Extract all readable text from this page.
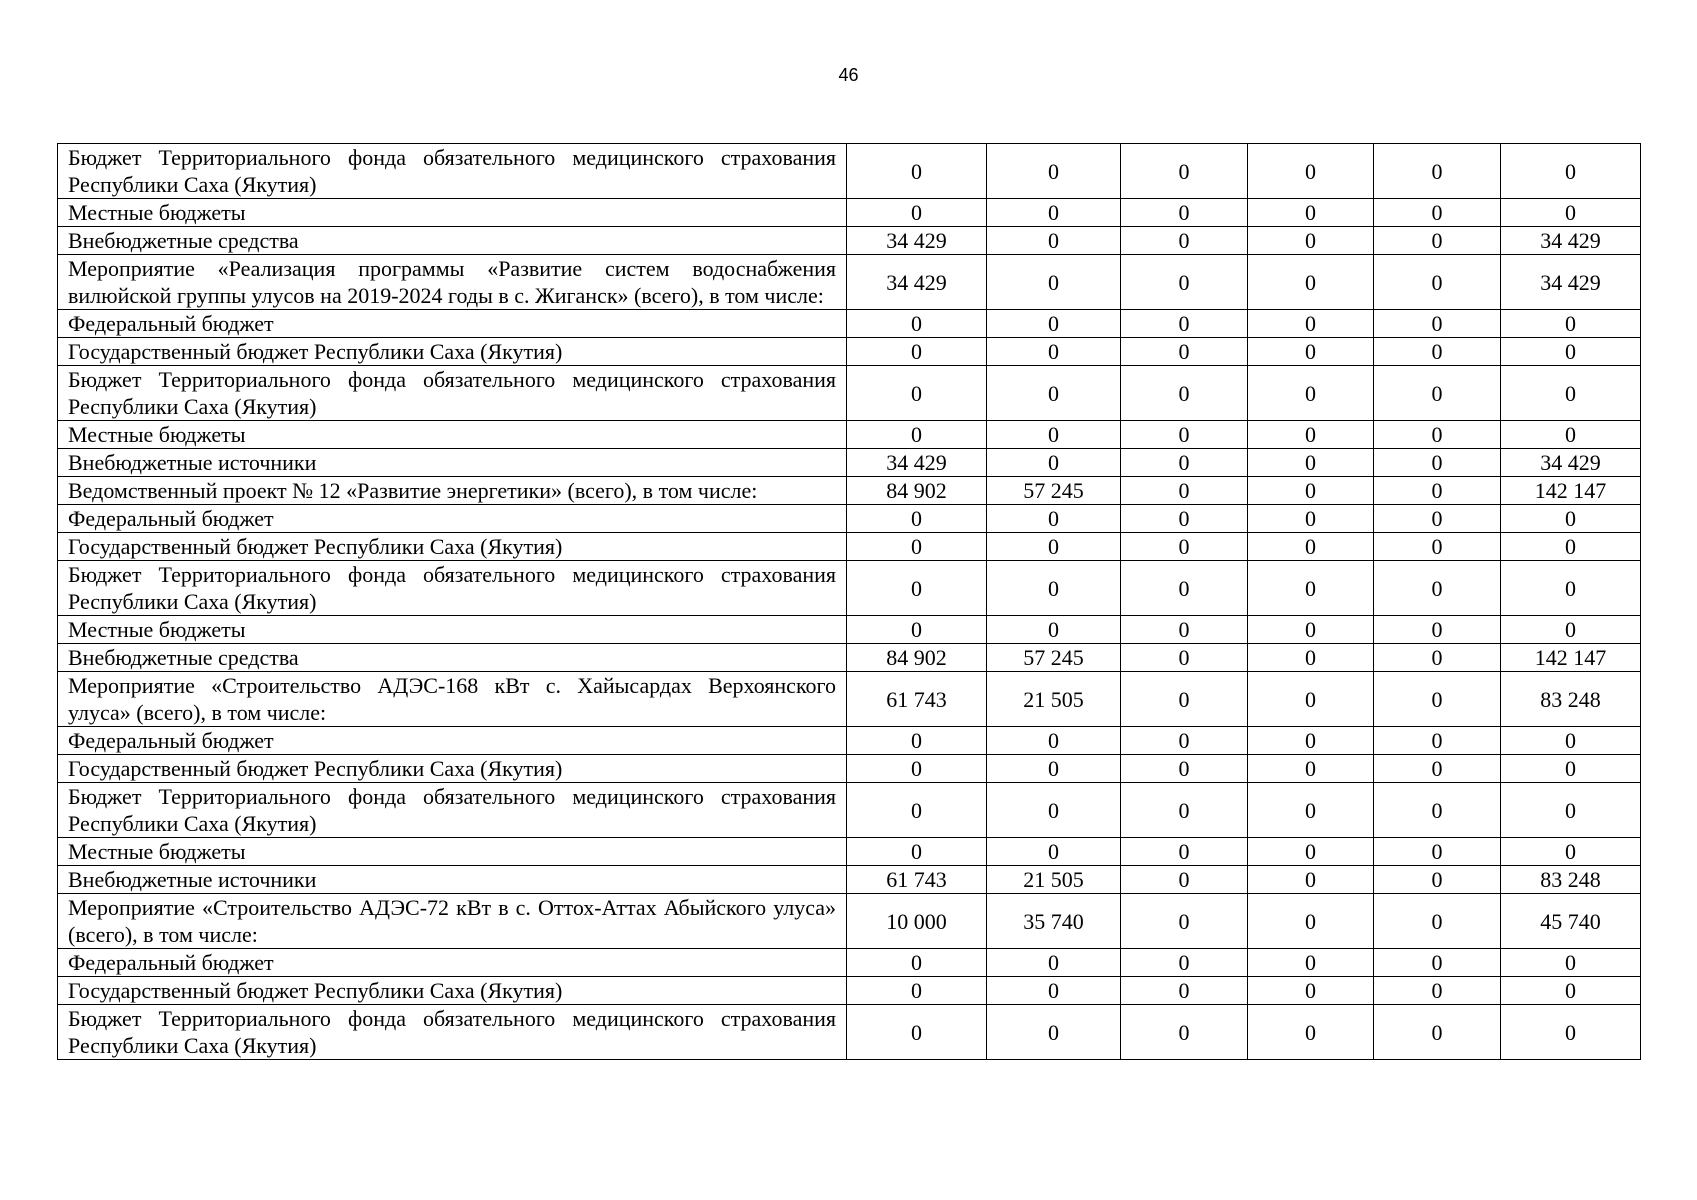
46
Бюджет Территориального фонда обязательного медицинского страхования Республики Саха (Якутия)	0	0	0	0	0	0
Местные бюджеты	0	0	0	0	0	0
Внебюджетные средства	34 429	0	0	0	0	34 429
Мероприятие «Реализация программы «Развитие систем водоснабжения вилюйской группы улусов на 2019-2024 годы в с. Жиганск» (всего), в том числе:	34 429	0	0	0	0	34 429
Федеральный бюджет	0	0	0	0	0	0
Государственный бюджет Республики Саха (Якутия)	0	0	0	0	0	0
Бюджет Территориального фонда обязательного медицинского страхования Республики Саха (Якутия)	0	0	0	0	0	0
Местные бюджеты	0	0	0	0	0	0
Внебюджетные источники	34 429	0	0	0	0	34 429
Ведомственный проект № 12 «Развитие энергетики» (всего), в том числе:	84 902	57 245	0	0	0	142 147
Федеральный бюджет	0	0	0	0	0	0
Государственный бюджет Республики Саха (Якутия)	0	0	0	0	0	0
Бюджет Территориального фонда обязательного медицинского страхования Республики Саха (Якутия)	0	0	0	0	0	0
Местные бюджеты	0	0	0	0	0	0
Внебюджетные средства	84 902	57 245	0	0	0	142 147
Мероприятие «Строительство АДЭС-168 кВт с. Хайысардах Верхоянского улуса» (всего), в том числе:	61 743	21 505	0	0	0	83 248
Федеральный бюджет	0	0	0	0	0	0
Государственный бюджет Республики Саха (Якутия)	0	0	0	0	0	0
Бюджет Территориального фонда обязательного медицинского страхования Республики Саха (Якутия)	0	0	0	0	0	0
Местные бюджеты	0	0	0	0	0	0
Внебюджетные источники	61 743	21 505	0	0	0	83 248
Мероприятие «Строительство АДЭС-72 кВт в с. Оттох-Аттах Абыйского улуса» (всего), в том числе:	10 000	35 740	0	0	0	45 740
Федеральный бюджет	0	0	0	0	0	0
Государственный бюджет Республики Саха (Якутия)	0	0	0	0	0	0
Бюджет Территориального фонда обязательного медицинского страхования Республики Саха (Якутия)	0	0	0	0	0	0
